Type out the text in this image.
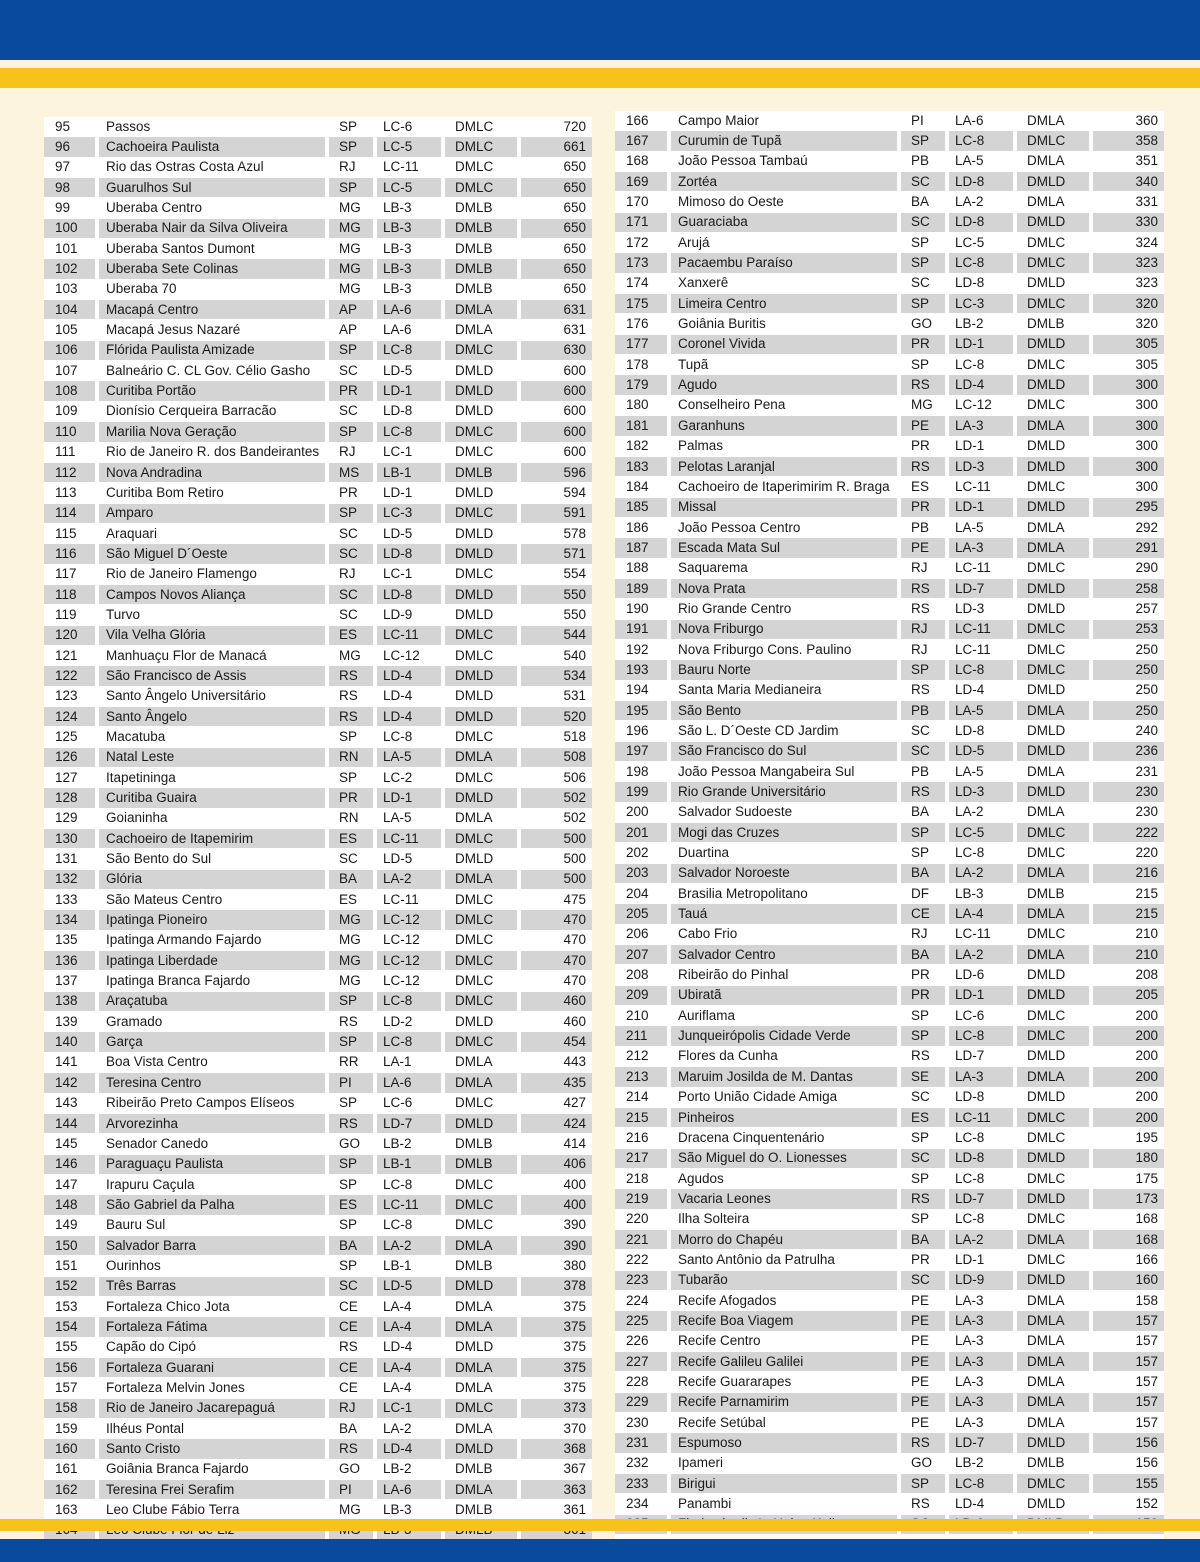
95	Passos	SP	LC-6	DMLC	720
96	Cachoeira Paulista	SP	LC-5	DMLC	661
97	Rio das Ostras Costa Azul	RJ	LC-11	DMLC	650
98	Guarulhos Sul	SP	LC-5	DMLC	650
99	Uberaba Centro	MG	LB-3	DMLB	650
100	Uberaba Nair da Silva Oliveira	MG	LB-3	DMLB	650
101	Uberaba Santos Dumont	MG	LB-3	DMLB	650
102	Uberaba Sete Colinas	MG	LB-3	DMLB	650
103	Uberaba 70	MG	LB-3	DMLB	650
104	Macapá Centro	AP	LA-6	DMLA	631
105	Macapá Jesus Nazaré	AP	LA-6	DMLA	631
106	Flórida Paulista Amizade	SP	LC-8	DMLC	630
107	Balneário C. CL Gov. Célio Gasho	SC	LD-5	DMLD	600
108	Curitiba Portão	PR	LD-1	DMLD	600
109	Dionísio Cerqueira Barracão	SC	LD-8	DMLD	600
110	Marilia Nova Geração	SP	LC-8	DMLC	600
111	Rio de Janeiro R. dos Bandeirantes	RJ	LC-1	DMLC	600
112	Nova Andradina	MS	LB-1	DMLB	596
113	Curitiba Bom Retiro	PR	LD-1	DMLD	594
114	Amparo	SP	LC-3	DMLC	591
115	Araquari	SC	LD-5	DMLD	578
116	São Miguel D´Oeste	SC	LD-8	DMLD	571
117	Rio de Janeiro Flamengo	RJ	LC-1	DMLC	554
118	Campos Novos Aliança	SC	LD-8	DMLD	550
119	Turvo	SC	LD-9	DMLD	550
120	Vila Velha Glória	ES	LC-11	DMLC	544
121	Manhuaçu Flor de Manacá	MG	LC-12	DMLC	540
122	São Francisco de Assis	RS	LD-4	DMLD	534
123	Santo Ângelo Universitário	RS	LD-4	DMLD	531
124	Santo Ângelo	RS	LD-4	DMLD	520
125	Macatuba	SP	LC-8	DMLC	518
126	Natal Leste	RN	LA-5	DMLA	508
127	Itapetininga	SP	LC-2	DMLC	506
128	Curitiba Guaira	PR	LD-1	DMLD	502
129	Goianinha	RN	LA-5	DMLA	502
130	Cachoeiro de Itapemirim	ES	LC-11	DMLC	500
131	São Bento do Sul	SC	LD-5	DMLD	500
132	Glória	BA	LA-2	DMLA	500
133	São Mateus Centro	ES	LC-11	DMLC	475
134	Ipatinga Pioneiro	MG	LC-12	DMLC	470
135	Ipatinga Armando Fajardo	MG	LC-12	DMLC	470
136	Ipatinga Liberdade	MG	LC-12	DMLC	470
137	Ipatinga Branca Fajardo	MG	LC-12	DMLC	470
138	Araçatuba	SP	LC-8	DMLC	460
139	Gramado	RS	LD-2	DMLD	460
140	Garça	SP	LC-8	DMLC	454
141	Boa Vista Centro	RR	LA-1	DMLA	443
142	Teresina Centro	PI	LA-6	DMLA	435
143	Ribeirão Preto Campos Elíseos	SP	LC-6	DMLC	427
144	Arvorezinha	RS	LD-7	DMLD	424
145	Senador Canedo	GO	LB-2	DMLB	414
146	Paraguaçu Paulista	SP	LB-1	DMLB	406
147	Irapuru Caçula	SP	LC-8	DMLC	400
148	São Gabriel da Palha	ES	LC-11	DMLC	400
149	Bauru Sul	SP	LC-8	DMLC	390
150	Salvador Barra	BA	LA-2	DMLA	390
151	Ourinhos	SP	LB-1	DMLB	380
152	Três Barras	SC	LD-5	DMLD	378
153	Fortaleza Chico Jota	CE	LA-4	DMLA	375
154	Fortaleza Fátima	CE	LA-4	DMLA	375
155	Capão do Cipó	RS	LD-4	DMLD	375
156	Fortaleza Guarani	CE	LA-4	DMLA	375
157	Fortaleza Melvin Jones	CE	LA-4	DMLA	375
158	Rio de Janeiro Jacarepaguá	RJ	LC-1	DMLC	373
159	Ilhéus Pontal	BA	LA-2	DMLA	370
160	Santo Cristo	RS	LD-4	DMLD	368
161	Goiânia Branca Fajardo	GO	LB-2	DMLB	367
162	Teresina Frei Serafim	PI	LA-6	DMLA	363
163	Leo Clube Fábio Terra	MG	LB-3	DMLB	361

166	Campo Maior	PI	LA-6	DMLA	360
167	Curumin de Tupã	SP	LC-8	DMLC	358
168	João Pessoa Tambaú	PB	LA-5	DMLA	351
169	Zortéa	SC	LD-8	DMLD	340
170	Mimoso do Oeste	BA	LA-2	DMLA	331
171	Guaraciaba	SC	LD-8	DMLD	330
172	Arujá	SP	LC-5	DMLC	324
173	Pacaembu Paraíso	SP	LC-8	DMLC	323
174	Xanxerê	SC	LD-8	DMLD	323
175	Limeira Centro	SP	LC-3	DMLC	320
176	Goiânia Buritis	GO	LB-2	DMLB	320
177	Coronel Vivida	PR	LD-1	DMLD	305
178	Tupã	SP	LC-8	DMLC	305
179	Agudo	RS	LD-4	DMLD	300
180	Conselheiro Pena	MG	LC-12	DMLC	300
181	Garanhuns	PE	LA-3	DMLA	300
182	Palmas	PR	LD-1	DMLD	300
183	Pelotas Laranjal	RS	LD-3	DMLD	300
184	Cachoeiro de Itaperimirim R. Braga	ES	LC-11	DMLC	300
185	Missal	PR	LD-1	DMLD	295
186	João Pessoa Centro	PB	LA-5	DMLA	292
187	Escada Mata Sul	PE	LA-3	DMLA	291
188	Saquarema	RJ	LC-11	DMLC	290
189	Nova Prata	RS	LD-7	DMLD	258
190	Rio Grande Centro	RS	LD-3	DMLD	257
191	Nova Friburgo	RJ	LC-11	DMLC	253
192	Nova Friburgo Cons. Paulino	RJ	LC-11	DMLC	250
193	Bauru Norte	SP	LC-8	DMLC	250
194	Santa Maria Medianeira	RS	LD-4	DMLD	250
195	São Bento	PB	LA-5	DMLA	250
196	São L. D´Oeste CD Jardim	SC	LD-8	DMLD	240
197	São Francisco do Sul	SC	LD-5	DMLD	236
198	João Pessoa Mangabeira Sul	PB	LA-5	DMLA	231
199	Rio Grande Universitário	RS	LD-3	DMLD	230
200	Salvador Sudoeste	BA	LA-2	DMLA	230
201	Mogi das Cruzes	SP	LC-5	DMLC	222
202	Duartina	SP	LC-8	DMLC	220
203	Salvador Noroeste	BA	LA-2	DMLA	216
204	Brasilia Metropolitano	DF	LB-3	DMLB	215
205	Tauá	CE	LA-4	DMLA	215
206	Cabo Frio	RJ	LC-11	DMLC	210
207	Salvador Centro	BA	LA-2	DMLA	210
208	Ribeirão do Pinhal	PR	LD-6	DMLD	208
209	Ubiratã	PR	LD-1	DMLD	205
210	Auriflama	SP	LC-6	DMLC	200
211	Junqueirópolis Cidade Verde	SP	LC-8	DMLC	200
212	Flores da Cunha	RS	LD-7	DMLD	200
213	Maruim Josilda de M. Dantas	SE	LA-3	DMLA	200
214	Porto União Cidade Amiga	SC	LD-8	DMLD	200
215	Pinheiros	ES	LC-11	DMLC	200
216	Dracena Cinquentenário	SP	LC-8	DMLC	195
217	São Miguel do O. Lionesses	SC	LD-8	DMLD	180
218	Agudos	SP	LC-8	DMLC	175
219	Vacaria Leones	RS	LD-7	DMLD	173
220	Ilha Solteira	SP	LC-8	DMLC	168
221	Morro do Chapéu	BA	LA-2	DMLA	168
222	Santo Antônio da Patrulha	PR	LD-1	DMLC	166
223	Tubarão	SC	LD-9	DMLD	160
224	Recife Afogados	PE	LA-3	DMLA	158
225	Recife Boa Viagem	PE	LA-3	DMLA	157
226	Recife Centro	PE	LA-3	DMLA	157
227	Recife Galileu Galilei	PE	LA-3	DMLA	157
228	Recife Guararapes	PE	LA-3	DMLA	157
229	Recife Parnamirim	PE	LA-3	DMLA	157
230	Recife Setúbal	PE	LA-3	DMLA	157
231	Espumoso	RS	LD-7	DMLD	156
232	Ipameri	GO	LB-2	DMLB	156
233	Birigui	SP	LC-8	DMLC	155
234	Panambi	RS	LD-4	DMLD	152
